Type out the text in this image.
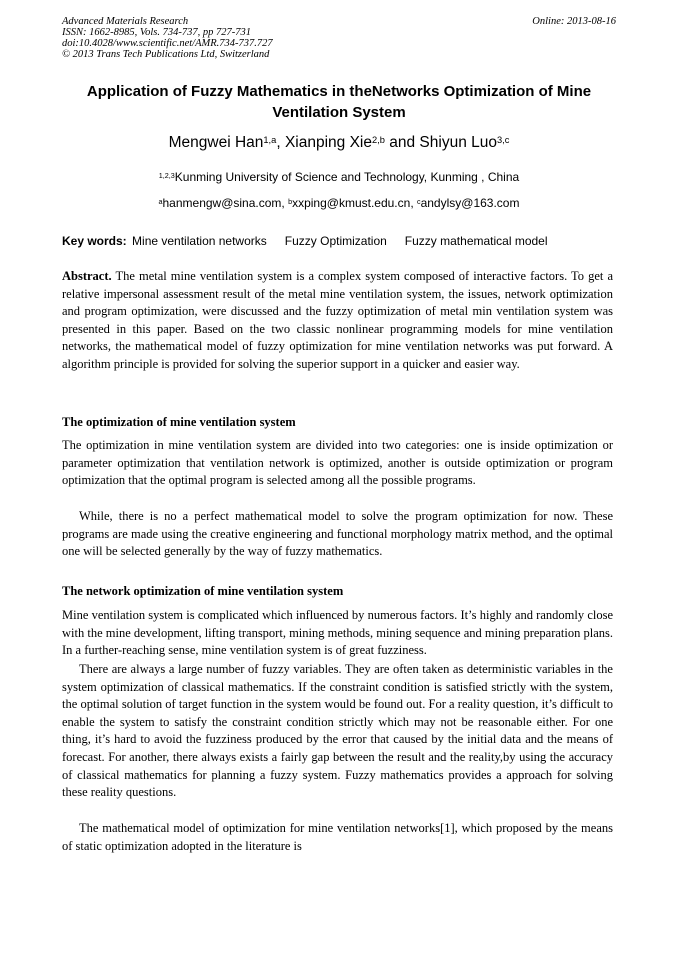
Advanced Materials Research
ISSN: 1662-8985, Vols. 734-737, pp 727-731
doi:10.4028/www.scientific.net/AMR.734-737.727
© 2013 Trans Tech Publications Ltd, Switzerland
Online: 2013-08-16
Application of Fuzzy Mathematics in theNetworks Optimization of Mine Ventilation System
Mengwei Han$^{1,a}$, Xianping Xie$^{2,b}$ and Shiyun Luo$^{3,c}$
$^{1,2,3}$Kunming University of Science and Technology, Kunming , China
$^a$hanmengw@sina.com, $^b$xxping@kmust.edu.cn, $^c$andylsy@163.com
Key words: Mine ventilation networks Fuzzy Optimization Fuzzy mathematical model

Abstract. The metal mine ventilation system is a complex system composed of interactive factors. To get a relative impersonal assessment result of the metal mine ventilation system, the issues, network optimization and program optimization, were discussed and the fuzzy optimization of metal min ventilation system was presented in this paper. Based on the two classic nonlinear programming models for mine ventilation networks, the mathematical model of fuzzy optimization for mine ventilation networks was put forward. A algorithm principle is provided for solving the superior support in a quicker and easier way.

The optimization of mine ventilation system

The optimization in mine ventilation system are divided into two categories: one is inside optimization or parameter optimization that ventilation network is optimized, another is outside optimization or program optimization that the optimal program is selected among all the possible programs.

While, there is no a perfect mathematical model to solve the program optimization for now. These programs are made using the creative engineering and functional morphology matrix method, and the optimal one will be selected generally by the way of fuzzy mathematics.

The network optimization of mine ventilation system

Mine ventilation system is complicated which influenced by numerous factors. It’s highly and randomly close with the mine development, lifting transport, mining methods, mining sequence and mining preparation plans. In a further-reaching sense, mine ventilation system is of great fuzziness.

There are always a large number of fuzzy variables. They are often taken as deterministic variables in the system optimization of classical mathematics. If the constraint condition is satisfied strictly with the system, the optimal solution of target function in the system would be found out. For a reality question, it’s difficult to enable the system to satisfy the constraint condition strictly which may not be reasonable either. For one thing, it’s hard to avoid the fuzziness produced by the error that caused by the initial data and the means of forecast. For another, there always exists a fairly gap between the result and the reality,by using the accuracy of classical mathematics for planning a fuzzy system. Fuzzy mathematics provides a approach for solving these reality questions.

The mathematical model of optimization for mine ventilation networks[1], which proposed by the means of static optimization adopted in the literature is
